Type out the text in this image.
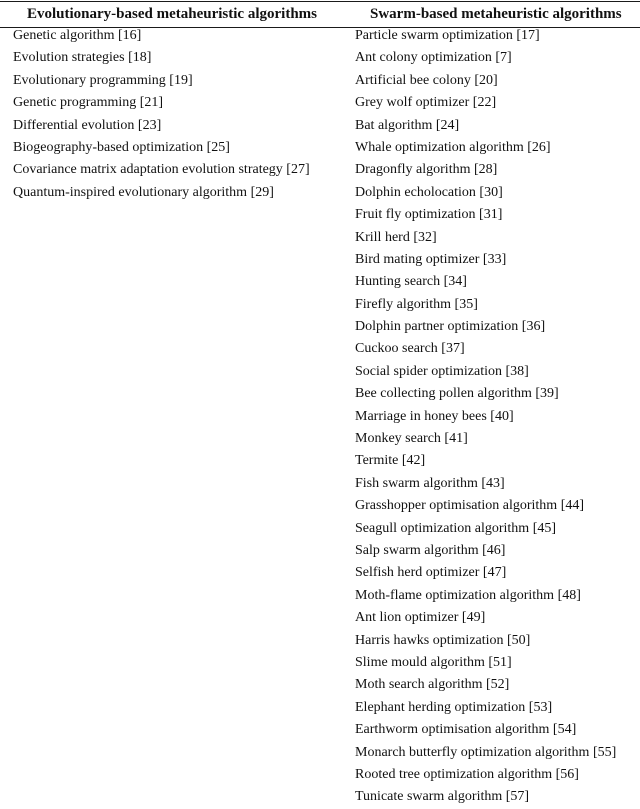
Evolutionary-based metaheuristic algorithms	Swarm-based metaheuristic algorithms
Genetic algorithm [16]
Evolution strategies [18]
Evolutionary programming [19]
Genetic programming [21]
Differential evolution [23]
Biogeography-based optimization [25]
Covariance matrix adaptation evolution strategy [27]
Quantum-inspired evolutionary algorithm [29]
Particle swarm optimization [17]
Ant colony optimization [7]
Artificial bee colony [20]
Grey wolf optimizer [22]
Bat algorithm [24]
Whale optimization algorithm [26]
Dragonfly algorithm [28]
Dolphin echolocation [30]
Fruit fly optimization [31]
Krill herd [32]
Bird mating optimizer [33]
Hunting search [34]
Firefly algorithm [35]
Dolphin partner optimization [36]
Cuckoo search [37]
Social spider optimization [38]
Bee collecting pollen algorithm [39]
Marriage in honey bees [40]
Monkey search [41]
Termite [42]
Fish swarm algorithm [43]
Grasshopper optimisation algorithm [44]
Seagull optimization algorithm [45]
Salp swarm algorithm [46]
Selfish herd optimizer [47]
Moth-flame optimization algorithm [48]
Ant lion optimizer [49]
Harris hawks optimization [50]
Slime mould algorithm [51]
Moth search algorithm [52]
Elephant herding optimization [53]
Earthworm optimisation algorithm [54]
Monarch butterfly optimization algorithm [55]
Rooted tree optimization algorithm [56]
Tunicate swarm algorithm [57]
